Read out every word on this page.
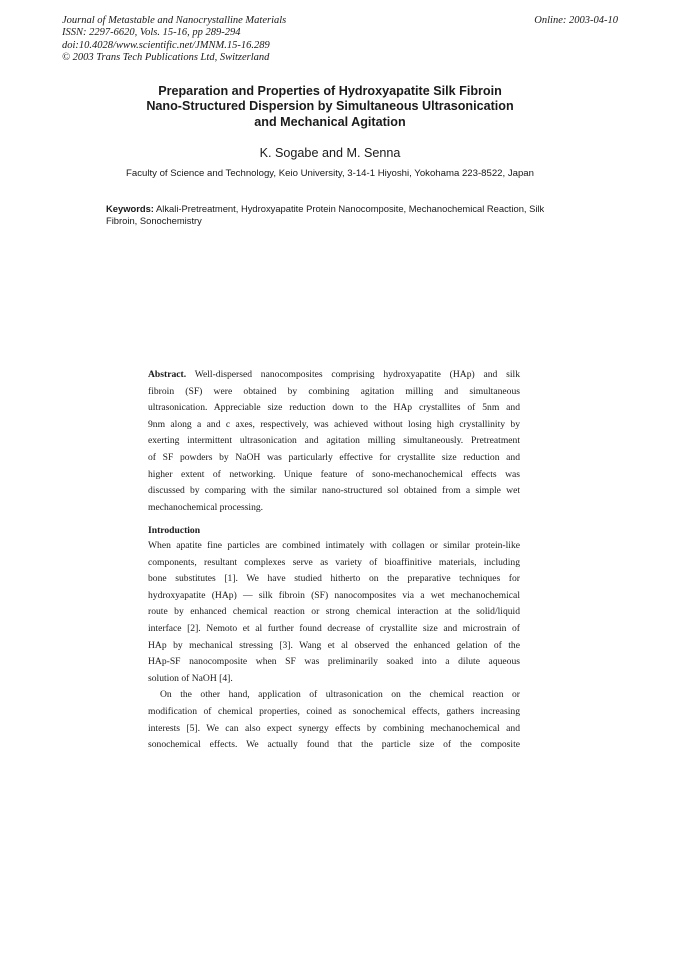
Journal of Metastable and Nanocrystalline Materials
ISSN: 2297-6620, Vols. 15-16, pp 289-294
doi:10.4028/www.scientific.net/JMNM.15-16.289
© 2003 Trans Tech Publications Ltd, Switzerland
Online: 2003-04-10
Preparation and Properties of Hydroxyapatite Silk Fibroin
Nano-Structured Dispersion by Simultaneous Ultrasonication
and Mechanical Agitation
K. Sogabe and M. Senna
Faculty of Science and Technology, Keio University, 3-14-1 Hiyoshi, Yokohama 223-8522, Japan
Keywords: Alkali-Pretreatment, Hydroxyapatite Protein Nanocomposite, Mechanochemical Reaction, Silk Fibroin, Sonochemistry
Abstract. Well-dispersed nanocomposites comprising hydroxyapatite (HAp) and silk
fibroin (SF) were obtained by combining agitation milling and simultaneous
ultrasonication. Appreciable size reduction down to the HAp crystallites of 5nm and
9nm along a and c axes, respectively, was achieved without losing high crystallinity by
exerting intermittent ultrasonication and agitation milling simultaneously. Pretreatment
of SF powders by NaOH was particularly effective for crystallite size reduction and
higher extent of networking. Unique feature of sono-mechanochemical effects was
discussed by comparing with the similar nano-structured sol obtained from a simple wet
mechanochemical processing.
Introduction

When apatite fine particles are combined intimately with collagen or similar protein-like
components, resultant complexes serve as variety of bioaffinitive materials, including
bone substitutes [1]. We have studied hitherto on the preparative techniques for
hydroxyapatite (HAp) — silk fibroin (SF) nanocomposites via a wet mechanochemical
route by enhanced chemical reaction or strong chemical interaction at the solid/liquid
interface [2]. Nemoto et al further found decrease of crystallite size and microstrain of
HAp by mechanical stressing [3]. Wang et al observed the enhanced gelation of the
HAp-SF nanocomposite when SF was preliminarily soaked into a dilute aqueous
solution of NaOH [4].

On the other hand, application of ultrasonication on the chemical reaction or
modification of chemical properties, coined as sonochemical effects, gathers increasing
interests [5]. We can also expect synergy effects by combining mechanochemical and
sonochemical effects. We actually found that the particle size of the composite
